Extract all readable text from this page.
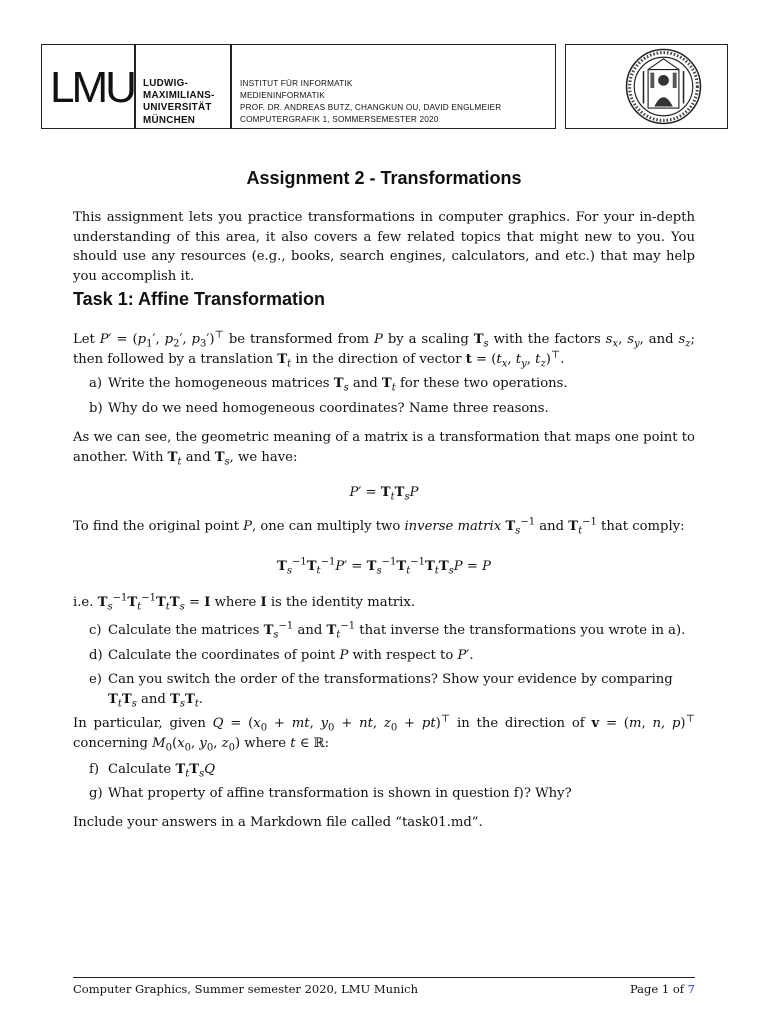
LMU LUDWIG-
MAXIMILIANS-
UNIVERSITÄT
MÜNCHEN
INSTITUT FÜR INFORMATIK
MEDIENINFORMATIK
PROF. DR. ANDREAS BUTZ, CHANGKUN OU, DAVID ENGLMEIER
COMPUTERGRAFIK 1, SOMMERSEMESTER 2020
Assignment 2 - Transformations
This assignment lets you practice transformations in computer graphics. For your in-depth understanding of this area, it also covers a few related topics that might new to you. You should use any resources (e.g., books, search engines, calculators, and etc.) that may help you accomplish it.
Task 1: Affine Transformation
Let $P' = (p_1'$, $p_2'$, $p_3')^⊤$ be transformed from P by a scaling $T_s$ with the factors $s_x$, $s_y$, and $s_z$; then followed by a translation $T_t$ in the direction of vector $t = (t_x$, $t_y$, $t_z)^⊤$.
a) Write the homogeneous matrices $T_s$ and $T_t$ for these two operations.
b) Why do we need homogeneous coordinates? Name three reasons.
As we can see, the geometric meaning of a matrix is a transformation that maps one point to another. With $T_t$ and $T_s$, we have:
$P' = T_tT_sP$
To find the original point P, one can multiply two inverse matrix $T_s^{-1}$ and $T_t^{-1}$ that comply:
$T_s^{-1}T_t^{-1}P' = T_s^{-1}T_t^{-1}T_tT_sP = P$
i.e. $T_s^{-1}T_t^{-1}T_tT_s = I$ where I is the identity matrix.
c) Calculate the matrices $T_s^{-1}$ and $T_t^{-1}$ that inverse the transformations you wrote in a).
d) Calculate the coordinates of point P with respect to P′.
e) Can you switch the order of the transformations? Show your evidence by comparing $T_tT_s$ and $T_sT_t$.
In particular, given $Q = (x_0$ + mt, $y_0$ + nt, $z_0 + pt)^⊤$ in the direction of v = (m, n, p)⊤ concerning $M_0(x_0$, $y_0$, $z_0$) where t ∈ ℝ:
f) Calculate $T_tT_sQ$
g) What property of affine transformation is shown in question f)? Why?
Include your answers in a Markdown file called “task01.md”.
Computer Graphics, Summer semester 2020, LMU Munich	Page 1 of 7
